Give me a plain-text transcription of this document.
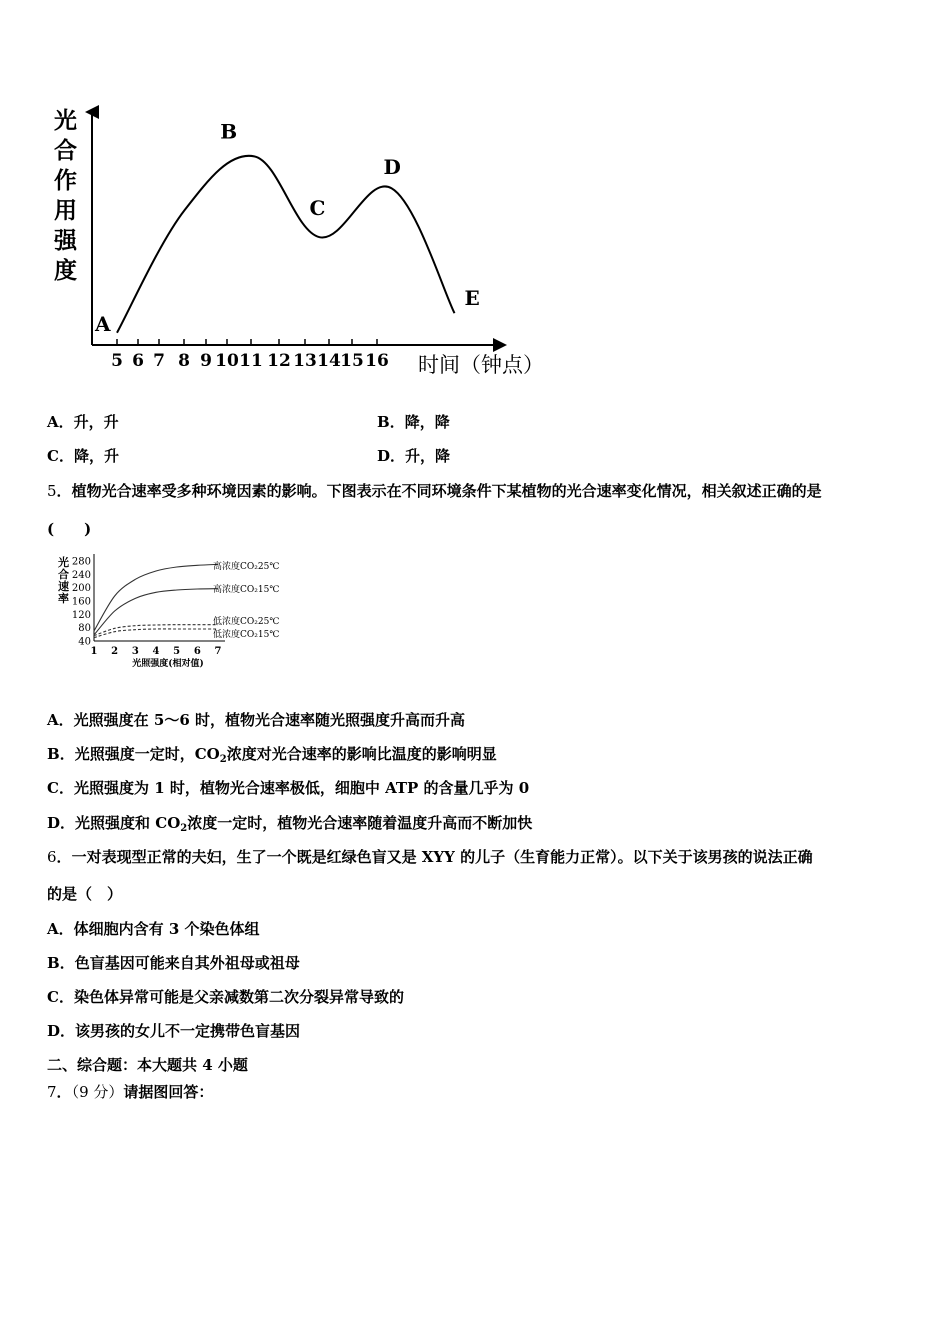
光
合
作
用
强
度
5 6 7 8 9 10 11 12 13 14 15 16
A
B
C
D
E
时间（钟点）
A．升，升	B．降，降
C．降，升	D．升，降
5．植物光合速率受多种环境因素的影响。下图表示在不同环境条件下某植物的光合速率变化情况，相关叙述正确的是
(　　)
光
合
速
率
40
80
120
160
200
240
280
1 2 3 4 5 6 7
高浓度CO₂25℃
高浓度CO₂15℃
低浓度CO₂25℃
低浓度CO₂15℃
光照强度(相对值)
A．光照强度在 5～6 时，植物光合速率随光照强度升高而升高
B．光照强度一定时，$CO_2$浓度对光合速率的影响比温度的影响明显
C．光照强度为 1 时，植物光合速率极低，细胞中 ATP 的含量几乎为 0
D．光照强度和 $CO_2$浓度一定时，植物光合速率随着温度升高而不断加快
6．一对表现型正常的夫妇，生了一个既是红绿色盲又是 XYY 的儿子（生育能力正常）。以下关于该男孩的说法正确
的是（　）
A．体细胞内含有 3 个染色体组
B．色盲基因可能来自其外祖母或祖母
C．染色体异常可能是父亲减数第二次分裂异常导致的
D．该男孩的女儿不一定携带色盲基因
二、综合题：本大题共 4 小题
7．（9 分）请据图回答：
